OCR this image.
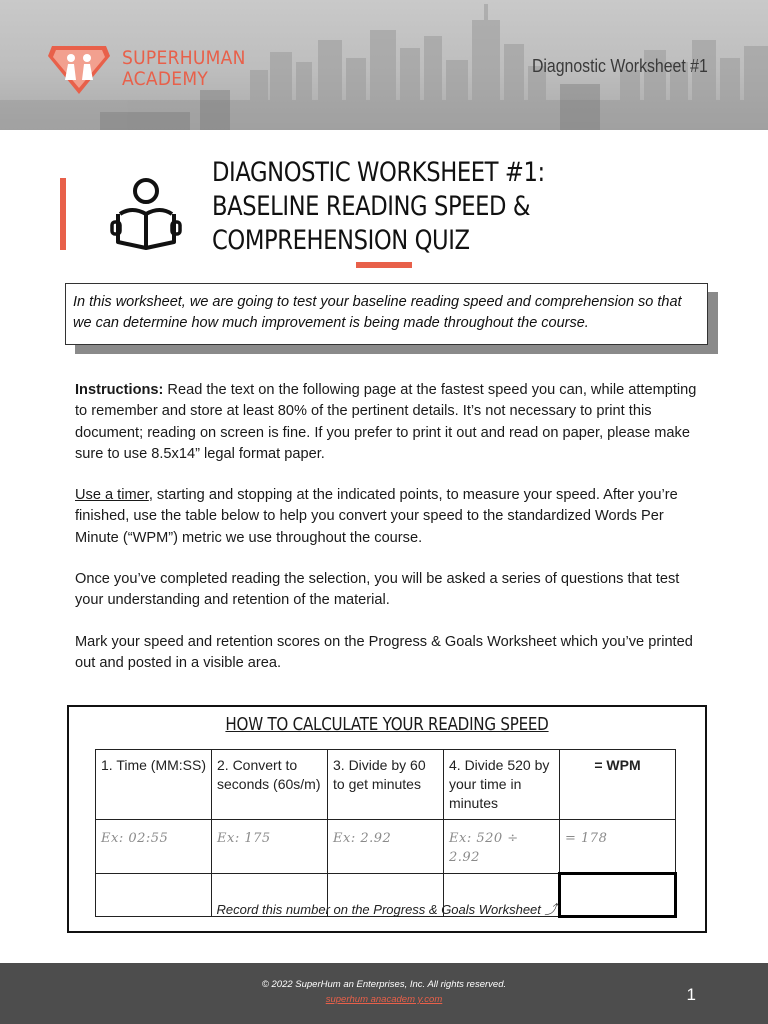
SUPERHUMAN
ACADEMY
Diagnostic Worksheet #1
DIAGNOSTIC WORKSHEET #1:
BASELINE READING SPEED &
COMPREHENSION QUIZ
In this worksheet, we are going to test your baseline reading speed and comprehension so that we can determine how much improvement is being made throughout the course.

Instructions: Read the text on the following page at the fastest speed you can, while attempting to remember and store at least 80% of the pertinent details. It’s not necessary to print this document; reading on screen is fine. If you prefer to print it out and read on paper, please make sure to use 8.5x14” legal format paper.

Use a timer, starting and stopping at the indicated points, to measure your speed. After you’re finished, use the table below to help you convert your speed to the standardized Words Per Minute (“WPM”) metric we use throughout the course.

Once you’ve completed reading the selection, you will be asked a series of questions that test your understanding and retention of the material.

Mark your speed and retention scores on the Progress & Goals Worksheet which you’ve printed out and posted in a visible area.

HOW TO CALCULATE YOUR READING SPEED
1. Time (MM:SS)	2. Convert to seconds (60s/m)	3. Divide by 60 to get minutes	4. Divide 520 by your time in minutes	= WPM
Ex: 02:55	Ex: 175	Ex: 2.92	Ex: 520 ÷ 2.92	= 178

Record this number on the Progress & Goals Worksheet ⤴
© 2022 SuperHum an Enterprises, Inc. All rights reserved.
superhum anacadem y.com	1
